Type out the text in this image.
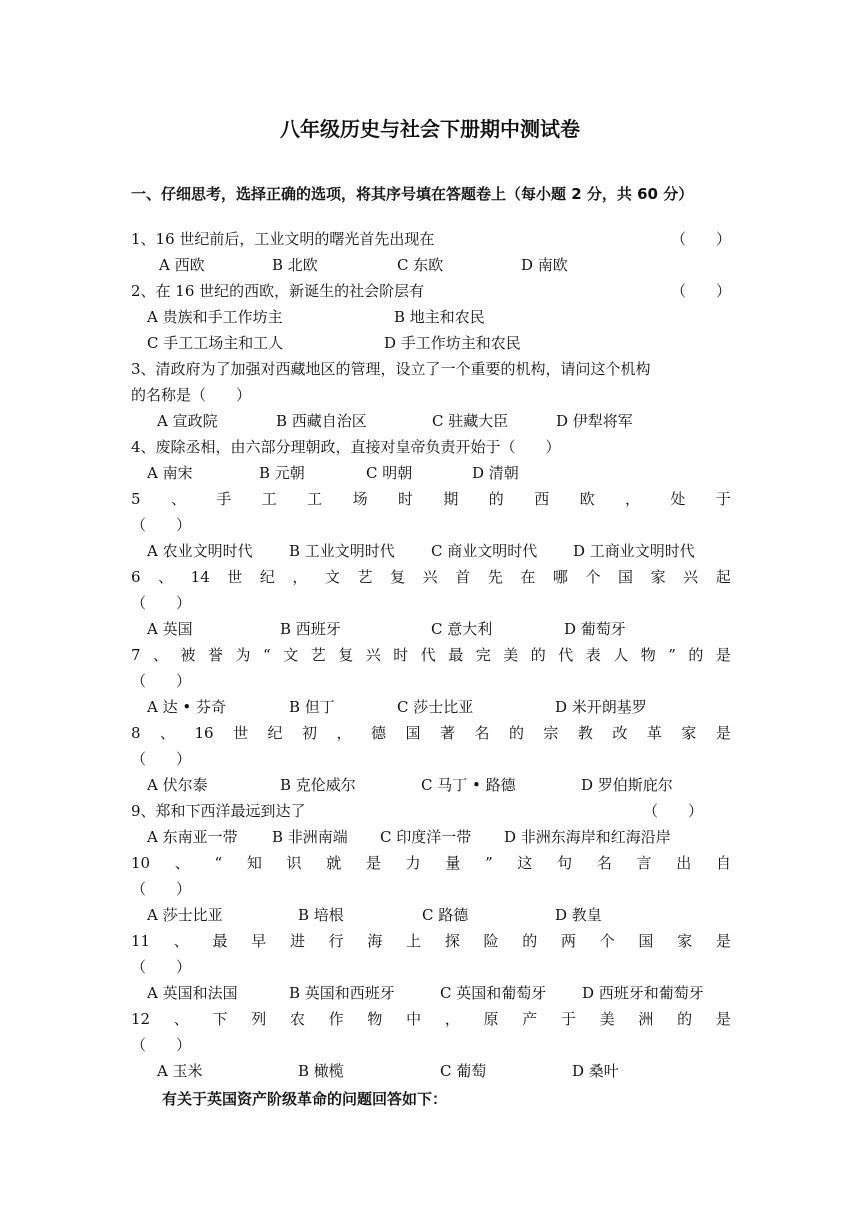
八年级历史与社会下册期中测试卷
一、仔细思考，选择正确的选项，将其序号填在答题卷上（每小题 2 分，共 60 分）
1、16 世纪前后，工业文明的曙光首先出现在	（　　）
A 西欧	B 北欧	C 东欧	D 南欧
2、在 16 世纪的西欧，新诞生的社会阶层有	（　　）
A 贵族和手工作坊主	B 地主和农民
C 手工工场主和工人	D 手工作坊主和农民
3、清政府为了加强对西藏地区的管理，设立了一个重要的机构，请问这个机构
的名称是（　　）
A 宣政院	B 西藏自治区	C 驻藏大臣	D 伊犁将军
4、废除丞相，由六部分理朝政，直接对皇帝负责开始于（　　）
A 南宋	B 元朝	C 明朝	D 清朝
5 、 手 工 工 场 时 期 的 西 欧 ， 处 于
（　　）
A 农业文明时代 B 工业文明时代 C 商业文明时代 D 工商业文明时代
6 、 14 世 纪 ， 文 艺 复 兴 首 先 在 哪 个 国 家 兴 起
（　　）
A 英国	B 西班牙	C 意大利	D 葡萄牙
7 、 被 誉 为 “ 文 艺 复 兴 时 代 最 完 美 的 代 表 人 物 ” 的 是
（　　）
A 达 • 芬奇	B 但丁	C 莎士比亚	D 米开朗基罗
8 、 16 世 纪 初 ， 德 国 著 名 的 宗 教 改 革 家 是
（　　）
A 伏尔泰	B 克伦威尔	C 马丁 • 路德	D 罗伯斯庇尔
9、郑和下西洋最远到达了	（　　）
A 东南亚一带 B 非洲南端 C 印度洋一带 D 非洲东海岸和红海沿岸
10 、 “ 知 识 就 是 力 量 ” 这 句 名 言 出 自
（　　）
A 莎士比亚	B 培根	C 路德	D 教皇
11 、 最 早 进 行 海 上 探 险 的 两 个 国 家 是
（　　）
A 英国和法国	B 英国和西班牙	C 英国和葡萄牙 D 西班牙和葡萄牙
12 、 下 列 农 作 物 中 ， 原 产 于 美 洲 的 是
（　　）
A 玉米	B 橄榄	C 葡萄	D 桑叶
有关于英国资产阶级革命的问题回答如下：
